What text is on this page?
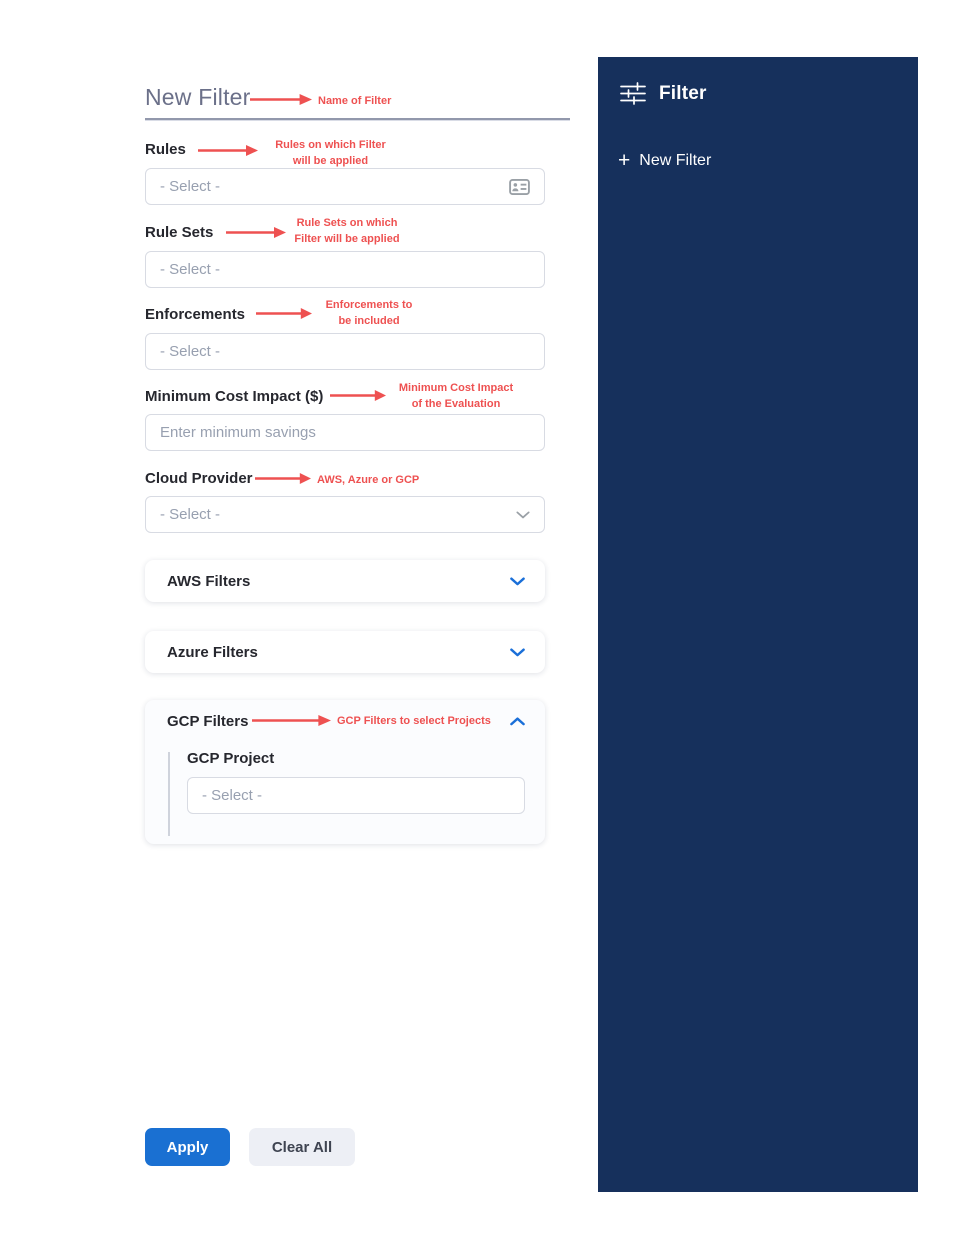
New Filter
Rules
- Select -
Rule Sets
- Select -
Enforcements
- Select -
Minimum Cost Impact ($)
Enter minimum savings
Cloud Provider
- Select -
AWS Filters
Azure Filters
GCP Filters
GCP Project
- Select -
Apply	Clear All
Name of Filter
Rules on which Filter
will be applied
Rule Sets on which
Filter will be applied
Enforcements to
be included
Minimum Cost Impact
of the Evaluation
AWS, Azure or GCP
GCP Filters to select Projects
Filter
+ New Filter
